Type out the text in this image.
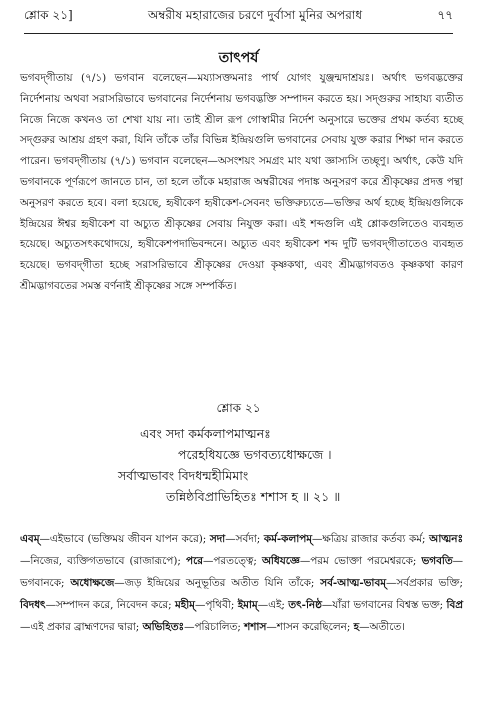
শ্লোক ২১]	অম্বরীষ মহারাজের চরণে দুর্বাসা মুনির অপরাধ	৭৭
তাৎপর্য

ভগবদ্‌গীতায় (৭/১) ভগবান বলেছেন—ময্যাসক্তমনাঃ পার্থ যোগং যুঞ্জন্মদাশ্রয়ঃ। অর্থাৎ ভগবদ্ভক্তের নির্দেশনায় অথবা সরাসরিভাবে ভগবানের নির্দেশনায় ভগবদ্ভক্তি সম্পাদন করতে হয়। সদ্গুরুর সাহায্য ব্যতীত নিজে নিজে কখনও তা শেখা যায় না। তাই শ্রীল রূপ গোস্বামীর নির্দেশ অনুসারে ভক্তের প্রথম কর্তব্য হচ্ছে সদ্গুরুর আশ্রয় গ্রহণ করা, যিনি তাঁকে তাঁর বিভিন্ন ইন্দ্রিয়গুলি ভগবানের সেবায় যুক্ত করার শিক্ষা দান করতে পারেন। ভগবদ্‌গীতায় (৭/১) ভগবান বলেছেন—অসংশয়ং সমগ্রং মাং যথা জ্ঞাস্যসি তচ্ছৃণু। অর্থাৎ, কেউ যদি ভগবানকে পূর্ণরূপে জানতে চান, তা হলে তাঁকে মহারাজ অম্বরীষের পদাঙ্ক অনুসরণ করে শ্রীকৃষ্ণের প্রদত্ত পন্থা অনুসরণ করতে হবে। বলা হয়েছে, হৃষীকেণ হৃষীকেশ-সেবনং ভক্তিরুচ্যতে—ভক্তির অর্থ হচ্ছে ইন্দ্রিয়গুলিকে ইন্দ্রিয়ের ঈশ্বর হৃষীকেশ বা অচ্যুত শ্রীকৃষ্ণের সেবায় নিযুক্ত করা। এই শব্দগুলি এই শ্লোকগুলিতেও ব্যবহৃত হয়েছে। অচ্যুতসৎকথোদয়ে, হৃষীকেশপদাভিবন্দনে। অচ্যুত এবং হৃষীকেশ শব্দ দুটি ভগবদ্‌গীতাতেও ব্যবহৃত হয়েছে। ভগবদ্‌গীতা হচ্ছে সরাসরিভাবে শ্রীকৃষ্ণের দেওয়া কৃষ্ণকথা, এবং শ্রীমদ্ভাগবতও কৃষ্ণকথা কারণ শ্রীমদ্ভাগবতের সমস্ত বর্ণনাই শ্রীকৃষ্ণের সঙ্গে সম্পর্কিত।

শ্লোক ২১
এবং সদা কর্মকলাপমাত্মনঃ
পরেহধিযজ্ঞে ভগবত্যধোক্ষজে ।
সর্বাত্মভাবং বিদধন্মহীমিমাং
তন্নিষ্ঠবিপ্রাভিহিতঃ শশাস হ ॥ ২১ ॥

এবম্—এইভাবে (ভক্তিময় জীবন যাপন করে); সদা—সর্বদা; কর্ম-কলাপম্—ক্ষত্রিয় রাজার কর্তব্য কর্ম; আত্মনঃ—নিজের, ব্যক্তিগতভাবে (রাজারূপে); পরে—পরতত্ত্বে; অধিযজ্ঞে—পরম ভোক্তা পরমেশ্বরকে; ভগবতি—ভগবানকে; অধোক্ষজে—জড় ইন্দ্রিয়ের অনুভূতির অতীত যিনি তাঁকে; সর্ব-আত্ম-ভাবম্—সর্বপ্রকার ভক্তি; বিদধৎ—সম্পাদন করে, নিবেদন করে; মহীম্—পৃথিবী; ইমাম্—এই; তৎ-নিষ্ঠ—যাঁরা ভগবানের বিশ্বস্ত ভক্ত; বিপ্র—এই প্রকার ব্রাহ্মণদের দ্বারা; অভিহিতঃ—পরিচালিত; শশাস—শাসন করেছিলেন; হ—অতীতে।
